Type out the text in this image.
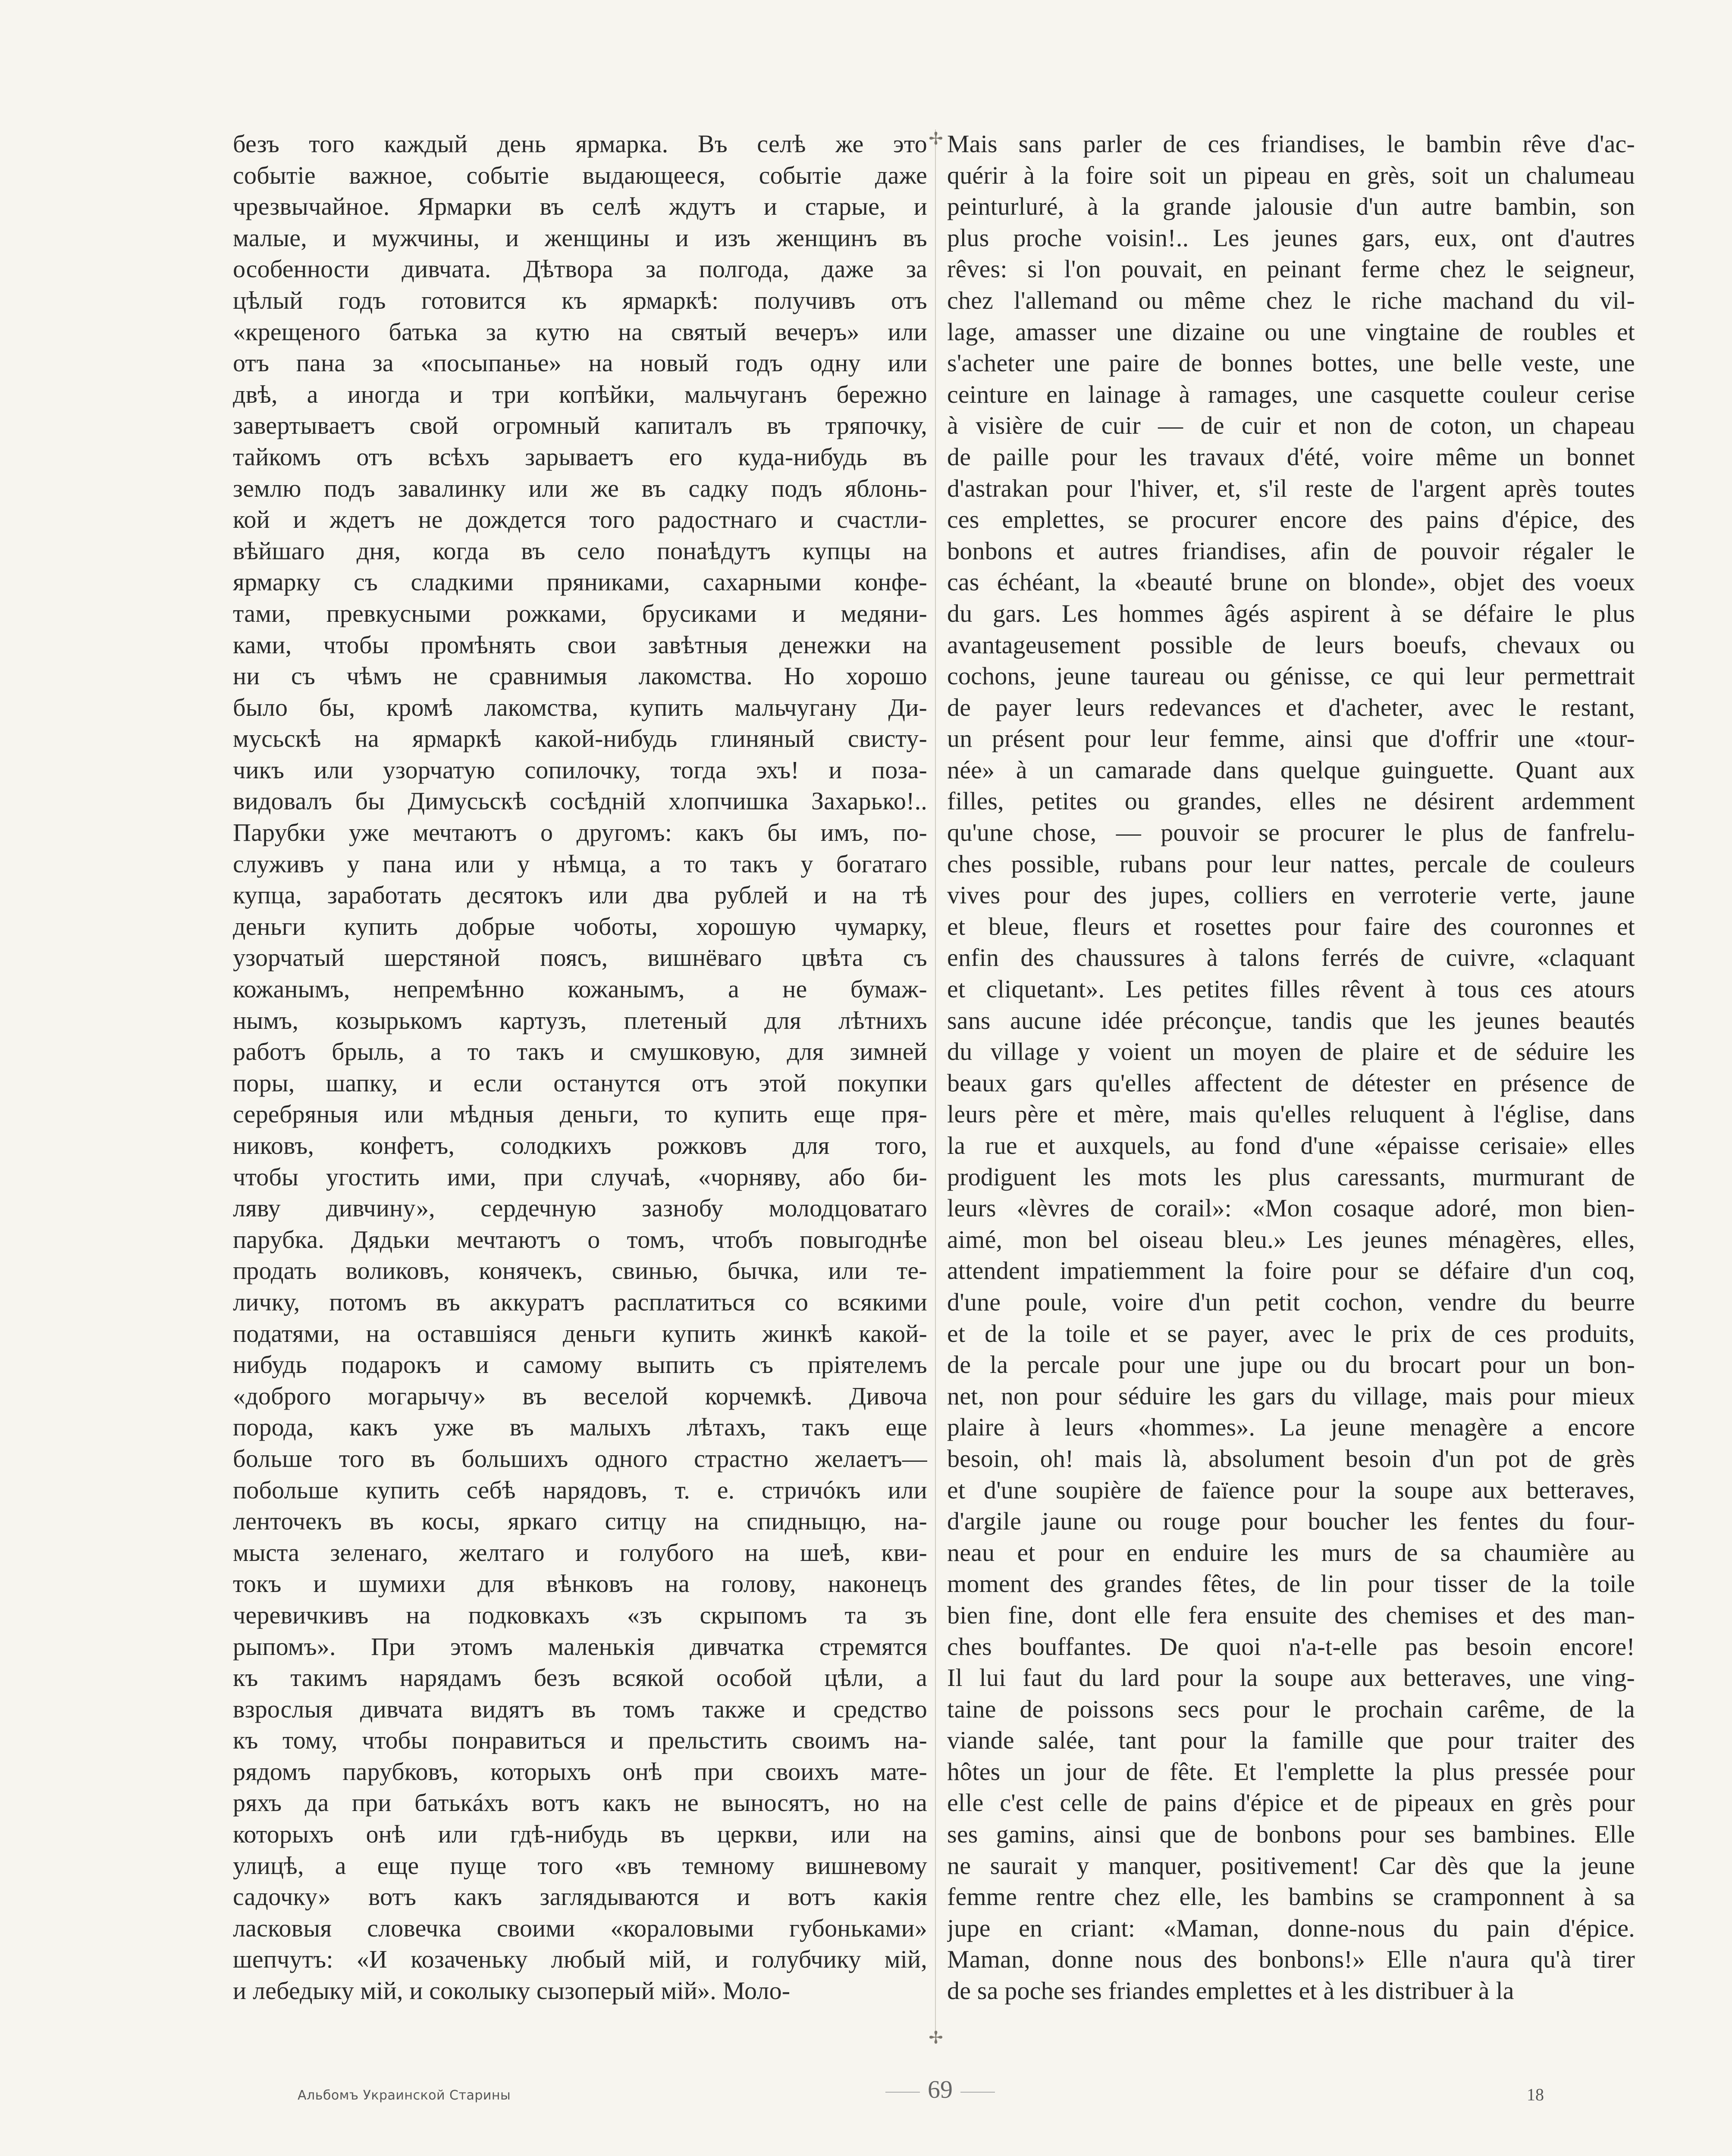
безъ того каждый день ярмарка. Въ селѣ же это
событіе важное, событіе выдающееся, событіе даже
чрезвычайное. Ярмарки въ селѣ ждутъ и старые, и
малые, и мужчины, и женщины и изъ женщинъ въ
особенности дивчата. Дѣтвора за полгода, даже за
цѣлый годъ готовится къ ярмаркѣ: получивъ отъ
«крещеного батька за кутю на святый вечеръ» или
отъ пана за «посыпанье» на новый годъ одну или
двѣ, а иногда и три копѣйки, мальчуганъ бережно
завертываетъ свой огромный капиталъ въ тряпочку,
тайкомъ отъ всѣхъ зарываетъ его куда-нибудь въ
землю подъ завалинку или же въ садку подъ яблонь-
кой и ждетъ не дождется того радостнаго и счастли-
вѣйшаго дня, когда въ село понаѣдутъ купцы на
ярмарку съ сладкими пряниками, сахарными конфе-
тами, превкусными рожками, брусиками и медяни-
ками, чтобы промѣнять свои завѣтныя денежки на
ни съ чѣмъ не сравнимыя лакомства. Но хорошо
было бы, кромѣ лакомства, купить мальчугану Ди-
мусьскѣ на ярмаркѣ какой-нибудь глиняный свисту-
чикъ или узорчатую сопилочку, тогда эхъ! и поза-
видовалъ бы Димусьскѣ сосѣднiй хлопчишка Захарько!..
Парубки уже мечтаютъ о другомъ: какъ бы имъ, по-
служивъ у пана или у нѣмца, а то такъ у богатаго
купца, заработать десятокъ или два рублей и на тѣ
деньги купить добрые чоботы, хорошую чумарку,
узорчатый шерстяной поясъ, вишнёваго цвѣта съ
кожанымъ, непремѣнно кожанымъ, а не бумаж-
нымъ, козырькомъ картузъ, плетеный для лѣтнихъ
работъ брыль, а то такъ и смушковую, для зимней
поры, шапку, и если останутся отъ этой покупки
серебряныя или мѣдныя деньги, то купить еще пря-
никовъ, конфетъ, солодкихъ рожковъ для того,
чтобы угостить ими, при случаѣ, «чорняву, або би-
ляву дивчину», сердечную зазнобу молодцоватаго
парубка. Дядьки мечтаютъ о томъ, чтобъ повыгоднѣе
продать воликовъ, конячекъ, свинью, бычка, или те-
личку, потомъ въ аккуратъ расплатиться со всякими
податями, на оставшіяся деньги купить жинкѣ какой-
нибудь подарокъ и самому выпить съ пріятелемъ
«доброго могарычу» въ веселой корчемкѣ. Дивоча
порода, какъ уже въ малыхъ лѣтахъ, такъ еще
больше того въ большихъ одного страстно желаетъ—
побольше купить себѣ нарядовъ, т. е. стричóкъ или
ленточекъ въ косы, яркаго ситцу на спидныцю, на-
мыста зеленаго, желтаго и голубого на шеѣ, кви-
токъ и шумихи для вѣнковъ на голову, наконецъ
черевичкивъ на подковкахъ «зъ скрыпомъ та зъ
рыпомъ». При этомъ маленькія дивчатка стремятся
къ такимъ нарядамъ безъ всякой особой цѣли, а
взрослыя дивчата видятъ въ томъ также и средство
къ тому, чтобы понравиться и прельстить своимъ на-
рядомъ парубковъ, которыхъ онѣ при своихъ мате-
ряхъ да при батькáхъ вотъ какъ не выносятъ, но на
которыхъ онѣ или гдѣ-нибудь въ церкви, или на
улицѣ, а еще пуще того «въ темному вишневому
садочку» вотъ какъ заглядываются и вотъ какія
ласковыя словечка своими «кораловыми губоньками»
шепчутъ: «И козаченьку любый мій, и голубчику мій,
и лебедыку мій, и соколыку сызоперый мій». Моло-
✢
✢
Mais sans parler de ces friandises, le bambin rêve d'ac-
quérir à la foire soit un pipeau en grès, soit un chalumeau
peinturluré, à la grande jalousie d'un autre bambin, son
plus proche voisin!.. Les jeunes gars, eux, ont d'autres
rêves: si l'on pouvait, en peinant ferme chez le seigneur,
chez l'allemand ou même chez le riche machand du vil-
lage, amasser une dizaine ou une vingtaine de roubles et
s'acheter une paire de bonnes bottes, une belle veste, une
ceinture en lainage à ramages, une casquette couleur cerise
à visière de cuir — de cuir et non de coton, un chapeau
de paille pour les travaux d'été, voire même un bonnet
d'astrakan pour l'hiver, et, s'il reste de l'argent après toutes
ces emplettes, se procurer encore des pains d'épice, des
bonbons et autres friandises, afin de pouvoir régaler le
cas échéant, la «beauté brune on blonde», objet des voeux
du gars. Les hommes âgés aspirent à se défaire le plus
avantageusement possible de leurs boeufs, chevaux ou
cochons, jeune taureau ou génisse, ce qui leur permettrait
de payer leurs redevances et d'acheter, avec le restant,
un présent pour leur femme, ainsi que d'offrir une «tour-
née» à un camarade dans quelque guinguette. Quant aux
filles, petites ou grandes, elles ne désirent ardemment
qu'une chose, — pouvoir se procurer le plus de fanfrelu-
ches possible, rubans pour leur nattes, percale de couleurs
vives pour des jupes, colliers en verroterie verte, jaune
et bleue, fleurs et rosettes pour faire des couronnes et
enfin des chaussures à talons ferrés de cuivre, «claquant
et cliquetant». Les petites filles rêvent à tous ces atours
sans aucune idée préconçue, tandis que les jeunes beautés
du village y voient un moyen de plaire et de séduire les
beaux gars qu'elles affectent de détester en présence de
leurs père et mère, mais qu'elles reluquent à l'église, dans
la rue et auxquels, au fond d'une «épaisse cerisaie» elles
prodiguent les mots les plus caressants, murmurant de
leurs «lèvres de corail»: «Mon cosaque adoré, mon bien-
aimé, mon bel oiseau bleu.» Les jeunes ménagères, elles,
attendent impatiemment la foire pour se défaire d'un coq,
d'une poule, voire d'un petit cochon, vendre du beurre
et de la toile et se payer, avec le prix de ces produits,
de la percale pour une jupe ou du brocart pour un bon-
net, non pour séduire les gars du village, mais pour mieux
plaire à leurs «hommes». La jeune menagère a encore
besoin, oh! mais là, absolument besoin d'un pot de grès
et d'une soupière de faïence pour la soupe aux betteraves,
d'argile jaune ou rouge pour boucher les fentes du four-
neau et pour en enduire les murs de sa chaumière au
moment des grandes fêtes, de lin pour tisser de la toile
bien fine, dont elle fera ensuite des chemises et des man-
ches bouffantes. De quoi n'a-t-elle pas besoin encore!
Il lui faut du lard pour la soupe aux betteraves, une ving-
taine de poissons secs pour le prochain carême, de la
viande salée, tant pour la famille que pour traiter des
hôtes un jour de fête. Et l'emplette la plus pressée pour
elle c'est celle de pains d'épice et de pipeaux en grès pour
ses gamins, ainsi que de bonbons pour ses bambines. Elle
ne saurait y manquer, positivement! Car dès que la jeune
femme rentre chez elle, les bambins se cramponnent à sa
jupe en criant: «Maman, donne-nous du pain d'épice.
Maman, donne nous des bonbons!» Elle n'aura qu'à tirer
de sa poche ses friandes emplettes et à les distribuer à la
Альбомъ Украинской Старины	69	18
